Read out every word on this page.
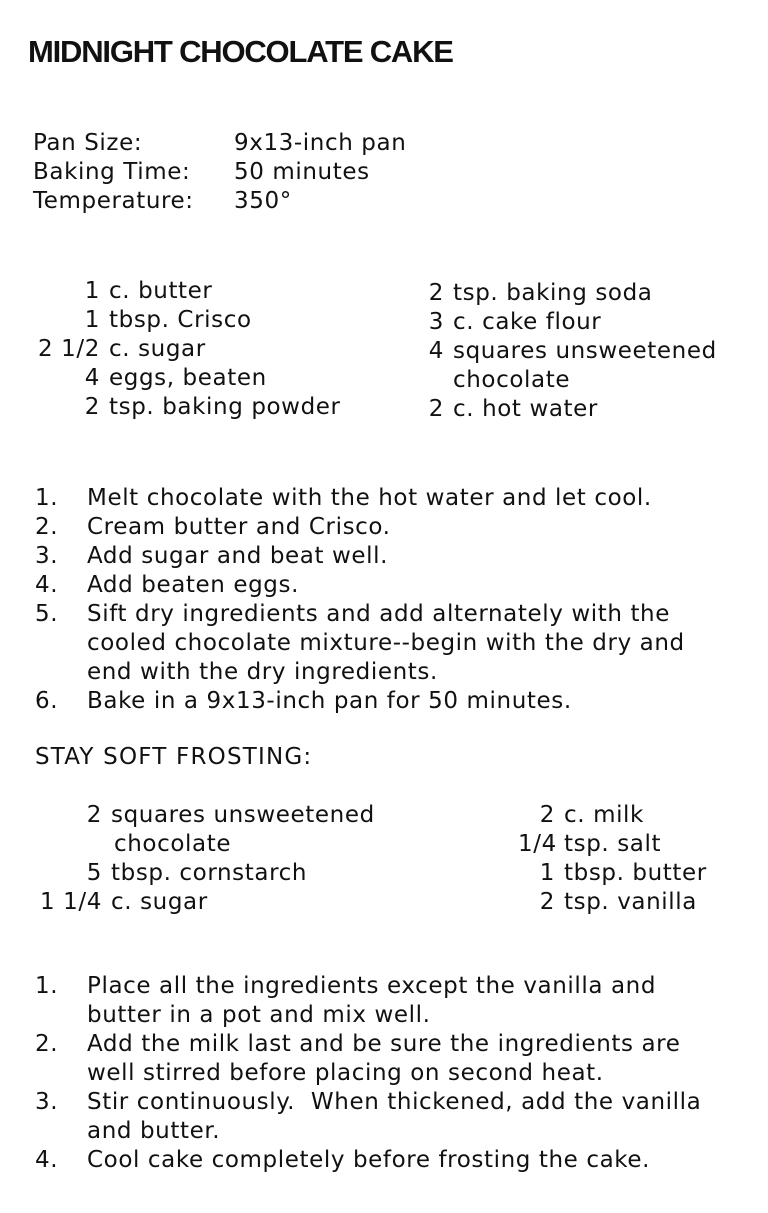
MIDNIGHT CHOCOLATE CAKE
Pan Size:	9x13-inch pan
Baking Time:	50 minutes
Temperature:	350°
1 c. butter
1 tbsp. Crisco
2 1/2 c. sugar
4 eggs, beaten
2 tsp. baking powder
2 tsp. baking soda
3 c. cake flour
4 squares unsweetened
chocolate
2 c. hot water
1.	Melt chocolate with the hot water and let cool.
2.	Cream butter and Crisco.
3.	Add sugar and beat well.
4.	Add beaten eggs.
5.	Sift dry ingredients and add alternately with the cooled chocolate mixture--begin with the dry and end with the dry ingredients.
6.	Bake in a 9x13-inch pan for 50 minutes.
STAY SOFT FROSTING:
2 squares unsweetened
chocolate
5 tbsp. cornstarch
1 1/4 c. sugar
2 c. milk
1/4 tsp. salt
1 tbsp. butter
2 tsp. vanilla
1.	Place all the ingredients except the vanilla and butter in a pot and mix well.
2.	Add the milk last and be sure the ingredients are well stirred before placing on second heat.
3.	Stir continuously.  When thickened, add the vanilla and butter.
4.	Cool cake completely before frosting the cake.
